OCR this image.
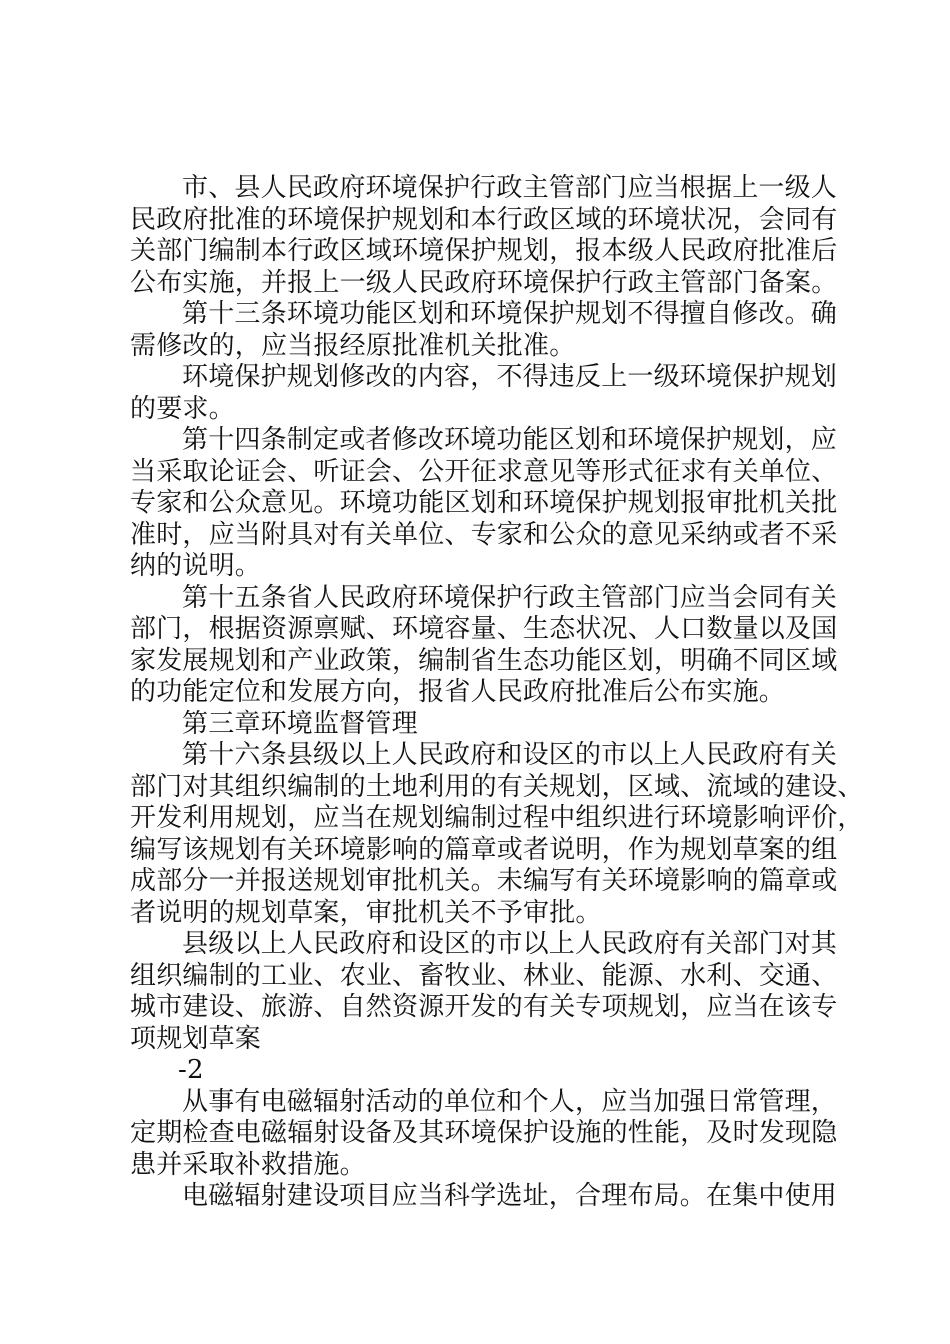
市、县人民政府环境保护行政主管部门应当根据上一级人
民政府批准的环境保护规划和本行政区域的环境状况，会同有
关部门编制本行政区域环境保护规划，报本级人民政府批准后
公布实施，并报上一级人民政府环境保护行政主管部门备案。

第十三条环境功能区划和环境保护规划不得擅自修改。确
需修改的，应当报经原批准机关批准。

环境保护规划修改的内容，不得违反上一级环境保护规划
的要求。

第十四条制定或者修改环境功能区划和环境保护规划，应
当采取论证会、听证会、公开征求意见等形式征求有关单位、
专家和公众意见。环境功能区划和环境保护规划报审批机关批
准时，应当附具对有关单位、专家和公众的意见采纳或者不采
纳的说明。

第十五条省人民政府环境保护行政主管部门应当会同有关
部门，根据资源禀赋、环境容量、生态状况、人口数量以及国
家发展规划和产业政策，编制省生态功能区划，明确不同区域
的功能定位和发展方向，报省人民政府批准后公布实施。

第三章环境监督管理

第十六条县级以上人民政府和设区的市以上人民政府有关
部门对其组织编制的土地利用的有关规划，区域、流域的建设、
开发利用规划，应当在规划编制过程中组织进行环境影响评价，
编写该规划有关环境影响的篇章或者说明，作为规划草案的组
成部分一并报送规划审批机关。未编写有关环境影响的篇章或
者说明的规划草案，审批机关不予审批。

县级以上人民政府和设区的市以上人民政府有关部门对其
组织编制的工业、农业、畜牧业、林业、能源、水利、交通、
城市建设、旅游、自然资源开发的有关专项规划，应当在该专
项规划草案

-2

从事有电磁辐射活动的单位和个人，应当加强日常管理，
定期检查电磁辐射设备及其环境保护设施的性能，及时发现隐
患并采取补救措施。

电磁辐射建设项目应当科学选址，合理布局。在集中使用
